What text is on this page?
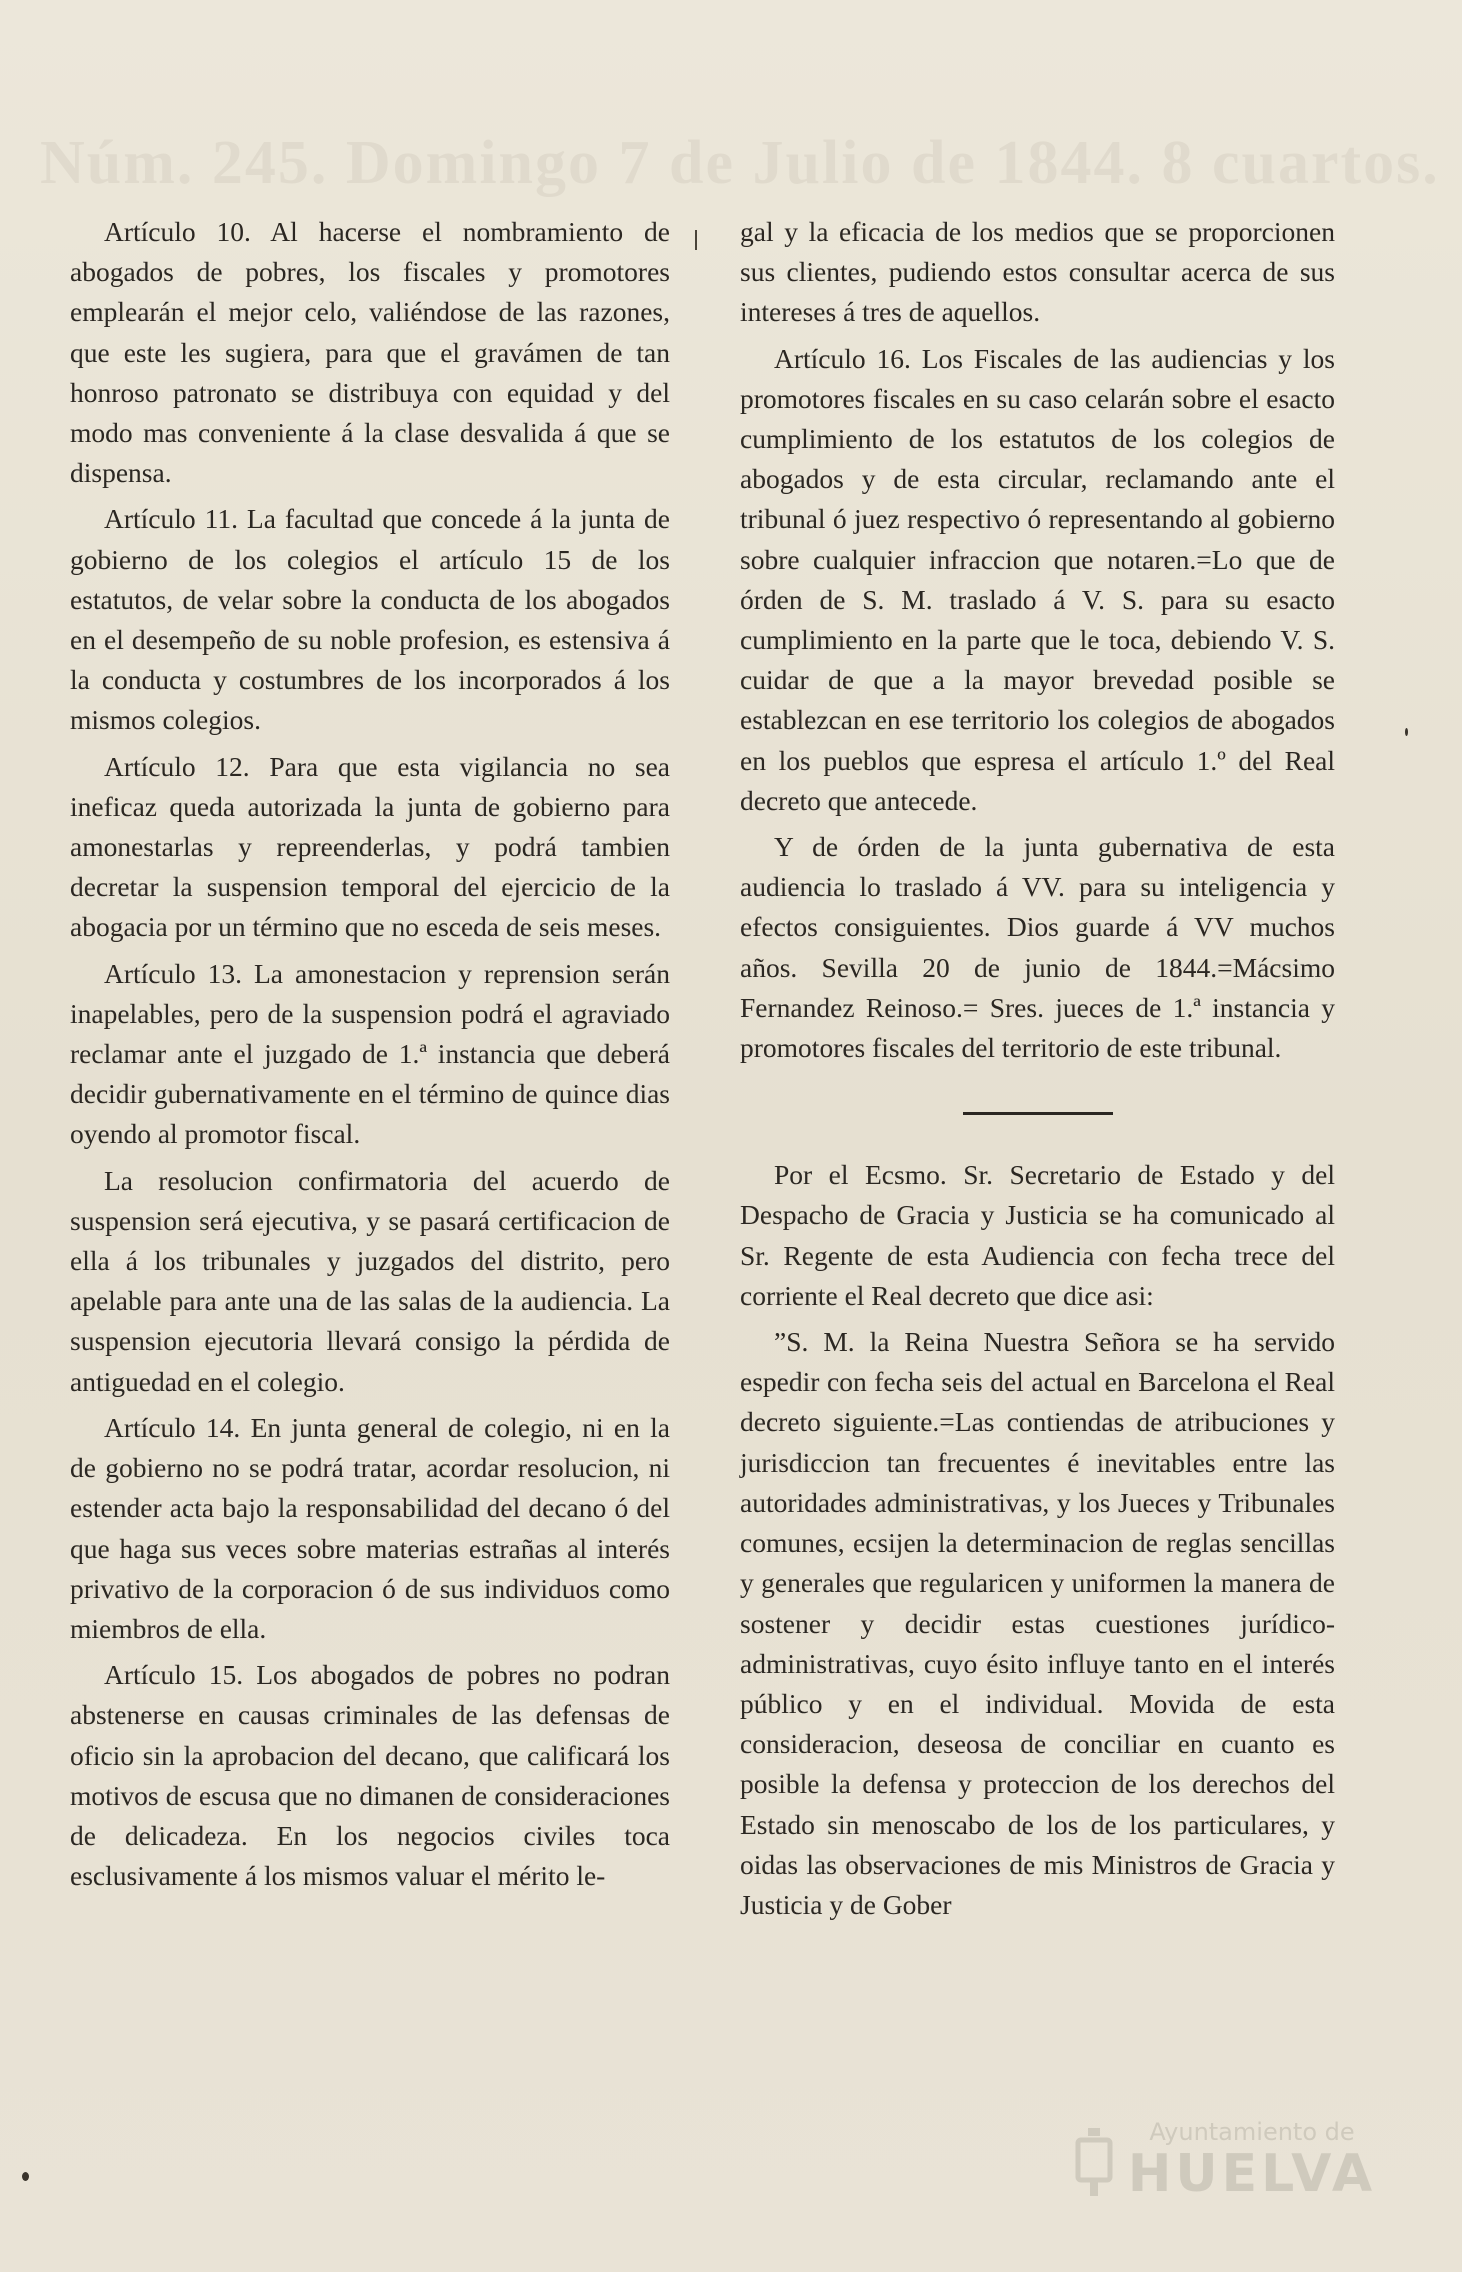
Núm. 245. Domingo 7 de Julio de 1844. 8 cuartos.

Artículo 10. Al hacerse el nombramiento de abogados de pobres, los fiscales y promotores emplearán el mejor celo, valiéndose de las razones, que este les sugiera, para que el gravámen de tan honroso patronato se distribuya con equidad y del modo mas conveniente á la clase desvalida á que se dispensa.

Artículo 11. La facultad que concede á la junta de gobierno de los colegios el artículo 15 de los estatutos, de velar sobre la conducta de los abogados en el desempeño de su noble profesion, es estensiva á la conducta y costumbres de los incorporados á los mismos colegios.

Artículo 12. Para que esta vigilancia no sea ineficaz queda autorizada la junta de gobierno para amonestarlas y repreenderlas, y podrá tambien decretar la suspension temporal del ejercicio de la abogacia por un término que no esceda de seis meses.

Artículo 13. La amonestacion y reprension serán inapelables, pero de la suspension podrá el agraviado reclamar ante el juzgado de 1.ª instancia que deberá decidir gubernativamente en el término de quince dias oyendo al promotor fiscal.

La resolucion confirmatoria del acuerdo de suspension será ejecutiva, y se pasará certificacion de ella á los tribunales y juzgados del distrito, pero apelable para ante una de las salas de la audiencia. La suspension ejecutoria llevará consigo la pérdida de antiguedad en el colegio.

Artículo 14. En junta general de colegio, ni en la de gobierno no se podrá tratar, acordar resolucion, ni estender acta bajo la responsabilidad del decano ó del que haga sus veces sobre materias estrañas al interés privativo de la corporacion ó de sus individuos como miembros de ella.

Artículo 15. Los abogados de pobres no podran abstenerse en causas criminales de las defensas de oficio sin la aprobacion del decano, que calificará los motivos de escusa que no dimanen de consideraciones de delicadeza. En los negocios civiles toca esclusivamente á los mismos valuar el mérito le-

gal y la eficacia de los medios que se proporcionen sus clientes, pudiendo estos consultar acerca de sus intereses á tres de aquellos.

Artículo 16. Los Fiscales de las audiencias y los promotores fiscales en su caso celarán sobre el esacto cumplimiento de los estatutos de los colegios de abogados y de esta circular, reclamando ante el tribunal ó juez respectivo ó representando al gobierno sobre cualquier infraccion que notaren.=Lo que de órden de S. M. traslado á V. S. para su esacto cumplimiento en la parte que le toca, debiendo V. S. cuidar de que a la mayor brevedad posible se establezcan en ese territorio los colegios de abogados en los pueblos que espresa el artículo 1.º del Real decreto que antecede.

Y de órden de la junta gubernativa de esta audiencia lo traslado á VV. para su inteligencia y efectos consiguientes. Dios guarde á VV muchos años. Sevilla 20 de junio de 1844.=Mácsimo Fernandez Reinoso.= Sres. jueces de 1.ª instancia y promotores fiscales del territorio de este tribunal.

Por el Ecsmo. Sr. Secretario de Estado y del Despacho de Gracia y Justicia se ha comunicado al Sr. Regente de esta Audiencia con fecha trece del corriente el Real decreto que dice asi:

”S. M. la Reina Nuestra Señora se ha servido espedir con fecha seis del actual en Barcelona el Real decreto siguiente.=Las contiendas de atribuciones y jurisdiccion tan frecuentes é inevitables entre las autoridades administrativas, y los Jueces y Tribunales comunes, ecsijen la determinacion de reglas sencillas y generales que regularicen y uniformen la manera de sostener y decidir estas cuestiones jurídico-administrativas, cuyo ésito influye tanto en el interés público y en el individual. Movida de esta consideracion, deseosa de conciliar en cuanto es posible la defensa y proteccion de los derechos del Estado sin menoscabo de los de los particulares, y oidas las observaciones de mis Ministros de Gracia y Justicia y de Gober

Ayuntamiento de
HUELVA
